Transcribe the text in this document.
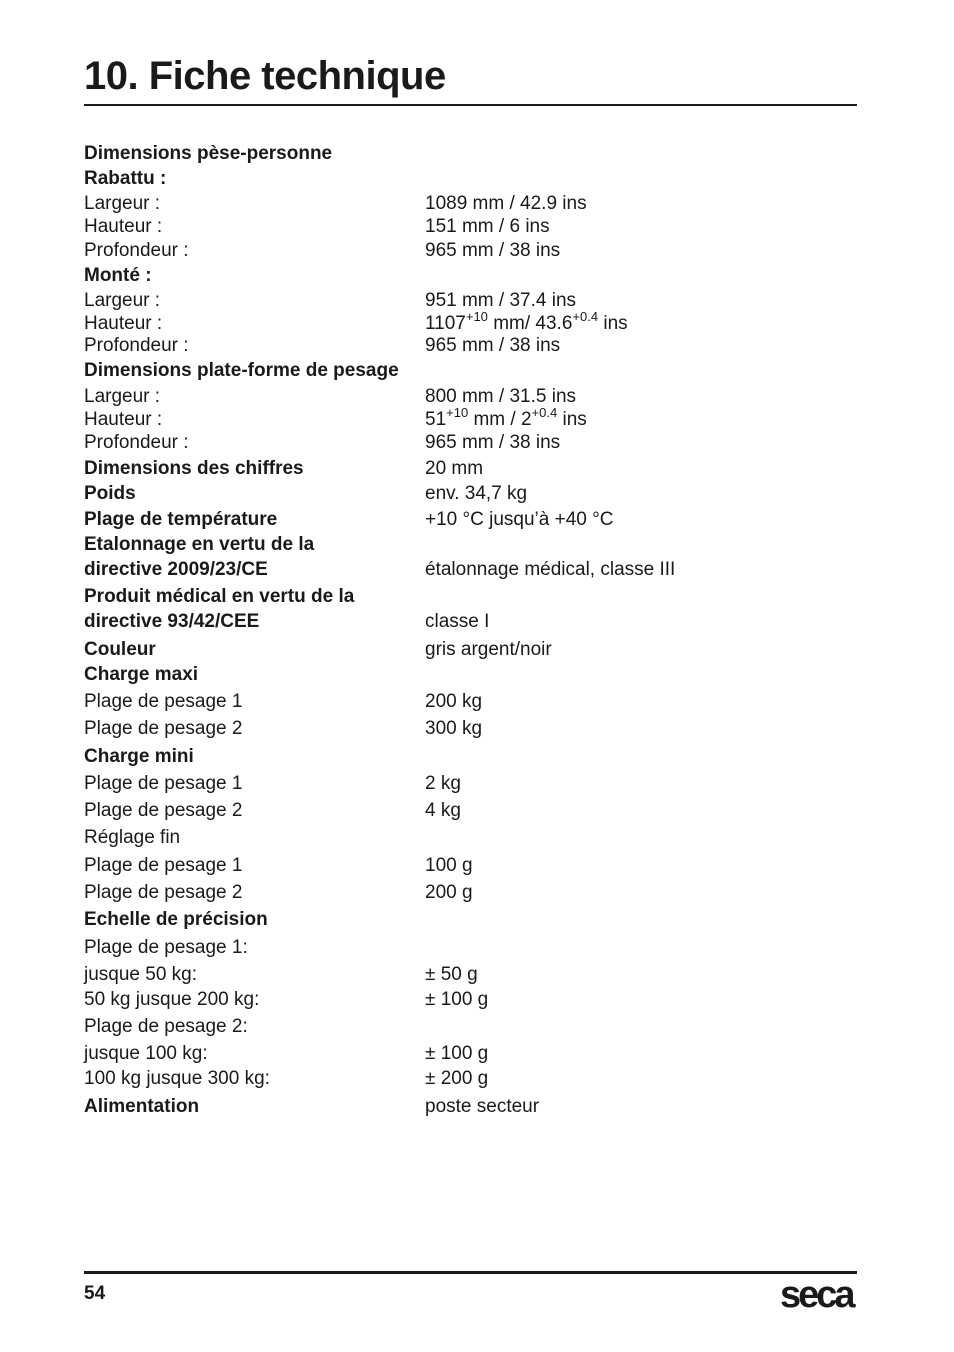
10. Fiche technique
Dimensions pèse-personne
Rabattu :
Largeur :	1089 mm / 42.9 ins
Hauteur :	151 mm / 6 ins
Profondeur :	965 mm / 38 ins
Monté :
Largeur :	951 mm / 37.4 ins
Hauteur :	$1107^{+10}$ mm/ $43.6^{+0.4}$ ins
Profondeur :	965 mm / 38 ins
Dimensions plate-forme de pesage
Largeur :	800 mm / 31.5 ins
Hauteur :	$51^{+10}$ mm / $2^{+0.4}$ ins
Profondeur :	965 mm / 38 ins
Dimensions des chiffres	20 mm
Poids	env. 34,7 kg
Plage de température	+10 °C jusqu’à +40 °C
Etalonnage en vertu de la
directive 2009/23/CE	étalonnage médical, classe III
Produit médical en vertu de la
directive 93/42/CEE	classe I
Couleur	gris argent/noir
Charge maxi
Plage de pesage 1	200 kg
Plage de pesage 2	300 kg
Charge mini
Plage de pesage 1	2 kg
Plage de pesage 2	4 kg
Réglage fin
Plage de pesage 1	100 g
Plage de pesage 2	200 g
Echelle de précision
Plage de pesage 1:
jusque 50 kg:	± 50 g
50 kg jusque 200 kg:	± 100 g
Plage de pesage 2:
jusque 100 kg:	± 100 g
100 kg jusque 300 kg:	± 200 g
Alimentation	poste secteur
54	seca
